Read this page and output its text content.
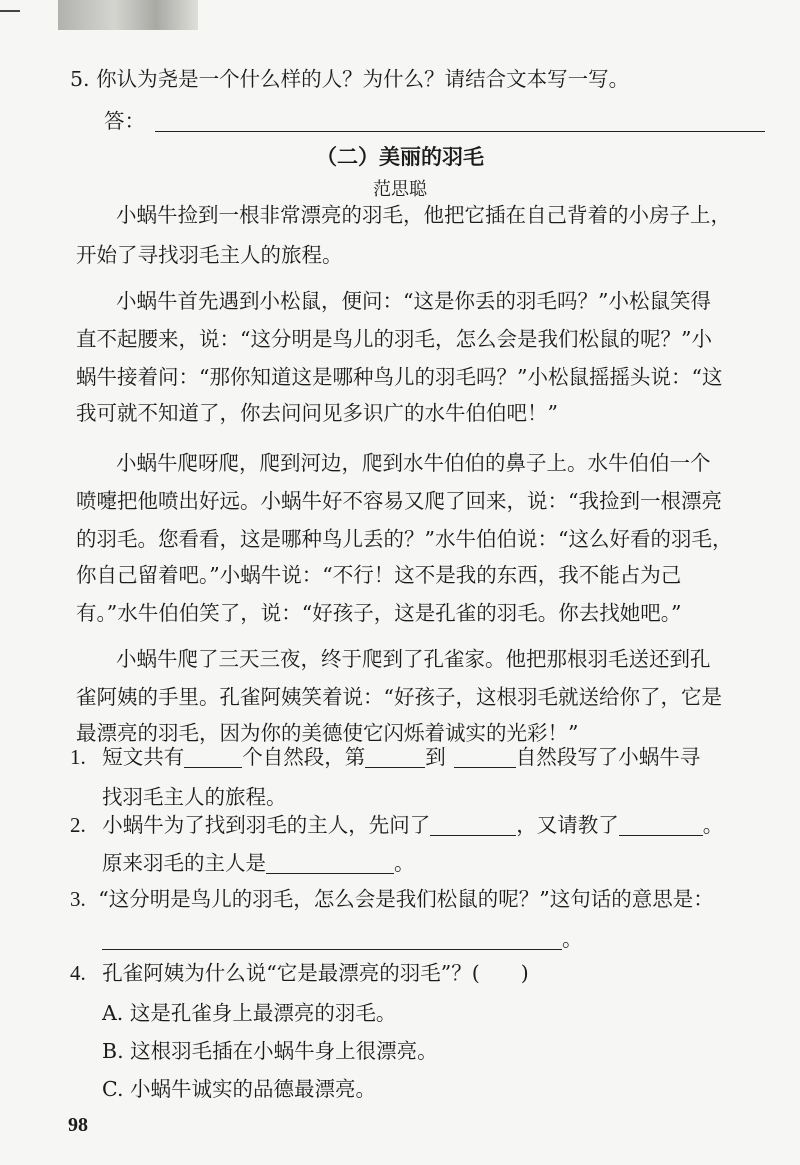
5. 你认为尧是一个什么样的人？为什么？请结合文本写一写。
答：
（二）美丽的羽毛
范思聪
小蜗牛捡到一根非常漂亮的羽毛，他把它插在自己背着的小房子上，
开始了寻找羽毛主人的旅程。
小蜗牛首先遇到小松鼠，便问：“这是你丢的羽毛吗？”小松鼠笑得
直不起腰来，说：“这分明是鸟儿的羽毛，怎么会是我们松鼠的呢？”小
蜗牛接着问：“那你知道这是哪种鸟儿的羽毛吗？”小松鼠摇摇头说：“这
我可就不知道了，你去问问见多识广的水牛伯伯吧！”
小蜗牛爬呀爬，爬到河边，爬到水牛伯伯的鼻子上。水牛伯伯一个
喷嚏把他喷出好远。小蜗牛好不容易又爬了回来，说：“我捡到一根漂亮
的羽毛。您看看，这是哪种鸟儿丢的？”水牛伯伯说：“这么好看的羽毛，
你自己留着吧。”小蜗牛说：“不行！这不是我的东西，我不能占为己
有。”水牛伯伯笑了，说：“好孩子，这是孔雀的羽毛。你去找她吧。”
小蜗牛爬了三天三夜，终于爬到了孔雀家。他把那根羽毛送还到孔
雀阿姨的手里。孔雀阿姨笑着说：“好孩子，这根羽毛就送给你了，它是
最漂亮的羽毛，因为你的美德使它闪烁着诚实的光彩！”
1. 短文共有	个自然段，第	到	自然段写了小蜗牛寻
找羽毛主人的旅程。
2. 小蜗牛为了找到羽毛的主人，先问了	，又请教了	。
原来羽毛的主人是	。
3. “这分明是鸟儿的羽毛，怎么会是我们松鼠的呢？”这句话的意思是：
。
4. 孔雀阿姨为什么说“它是最漂亮的羽毛”？(　　)
98
A. 这是孔雀身上最漂亮的羽毛。
B. 这根羽毛插在小蜗牛身上很漂亮。
C. 小蜗牛诚实的品德最漂亮。
